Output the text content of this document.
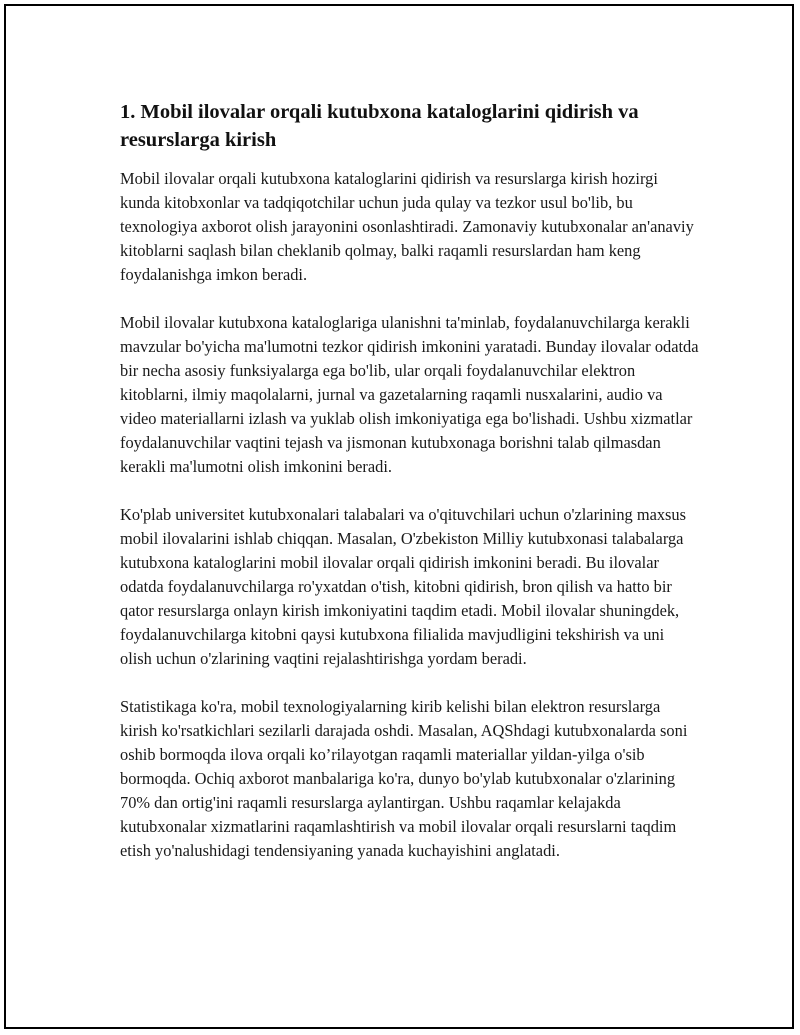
1. Mobil ilovalar orqali kutubxona kataloglarini qidirish va resurslarga kirish

Mobil ilovalar orqali kutubxona kataloglarini qidirish va resurslarga kirish hozirgi kunda kitobxonlar va tadqiqotchilar uchun juda qulay va tezkor usul bo'lib, bu texnologiya axborot olish jarayonini osonlashtiradi. Zamonaviy kutubxonalar an'anaviy kitoblarni saqlash bilan cheklanib qolmay, balki raqamli resurslardan ham keng foydalanishga imkon beradi.

Mobil ilovalar kutubxona kataloglariga ulanishni ta'minlab, foydalanuvchilarga kerakli mavzular bo'yicha ma'lumotni tezkor qidirish imkonini yaratadi. Bunday ilovalar odatda bir necha asosiy funksiyalarga ega bo'lib, ular orqali foydalanuvchilar elektron kitoblarni, ilmiy maqolalarni, jurnal va gazetalarning raqamli nusxalarini, audio va video materiallarni izlash va yuklab olish imkoniyatiga ega bo'lishadi. Ushbu xizmatlar foydalanuvchilar vaqtini tejash va jismonan kutubxonaga borishni talab qilmasdan kerakli ma'lumotni olish imkonini beradi.

Ko'plab universitet kutubxonalari talabalari va o'qituvchilari uchun o'zlarining maxsus mobil ilovalarini ishlab chiqqan. Masalan, O'zbekiston Milliy kutubxonasi talabalarga kutubxona kataloglarini mobil ilovalar orqali qidirish imkonini beradi. Bu ilovalar odatda foydalanuvchilarga ro'yxatdan o'tish, kitobni qidirish, bron qilish va hatto bir qator resurslarga onlayn kirish imkoniyatini taqdim etadi. Mobil ilovalar shuningdek, foydalanuvchilarga kitobni qaysi kutubxona filialida mavjudligini tekshirish va uni olish uchun o'zlarining vaqtini rejalashtirishga yordam beradi.

Statistikaga ko'ra, mobil texnologiyalarning kirib kelishi bilan elektron resurslarga kirish ko'rsatkichlari sezilarli darajada oshdi. Masalan, AQShdagi kutubxonalarda soni oshib bormoqda ilova orqali ko’rilayotgan raqamli materiallar yildan-yilga o'sib bormoqda. Ochiq axborot manbalariga ko'ra, dunyo bo'ylab kutubxonalar o'zlarining 70% dan ortig'ini raqamli resurslarga aylantirgan. Ushbu raqamlar kelajakda kutubxonalar xizmatlarini raqamlashtirish va mobil ilovalar orqali resurslarni taqdim etish yo'nalushidagi tendensiyaning yanada kuchayishini anglatadi.
